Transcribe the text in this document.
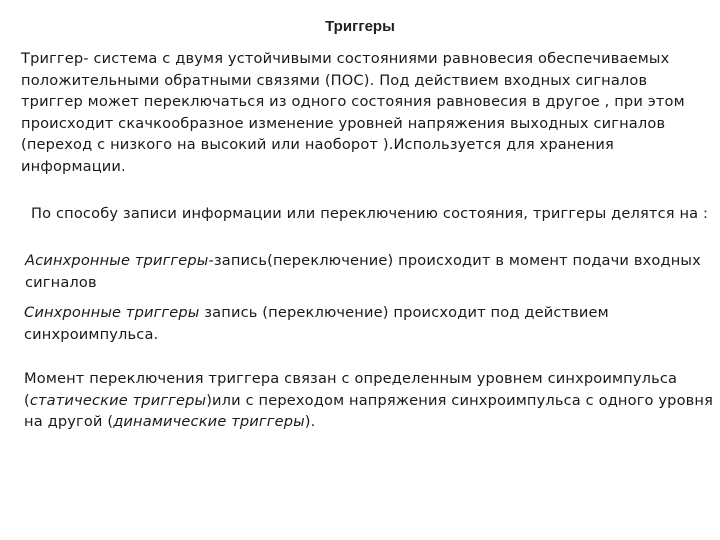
Триггеры
Триггер- система с двумя устойчивыми состояниями равновесия обеспечиваемых
положительными обратными связями (ПОС). Под действием входных сигналов
триггер может переключаться из одного состояния равновесия в другое , при этом
происходит скачкообразное изменение уровней напряжения выходных сигналов
(переход с низкого на высокий или наоборот ).Используется для хранения
информации.
По способу записи информации или переключению состояния, триггеры делятся на :
Асинхронные триггеры-запись(переключение) происходит в момент подачи входных
сигналов
Синхронные триггеры запись (переключение) происходит под действием
синхроимпульса.
Момент переключения триггера связан с определенным уровнем синхроимпульса
(статические триггеры)или с переходом напряжения синхроимпульса с одного уровня
на другой (динамические триггеры).
